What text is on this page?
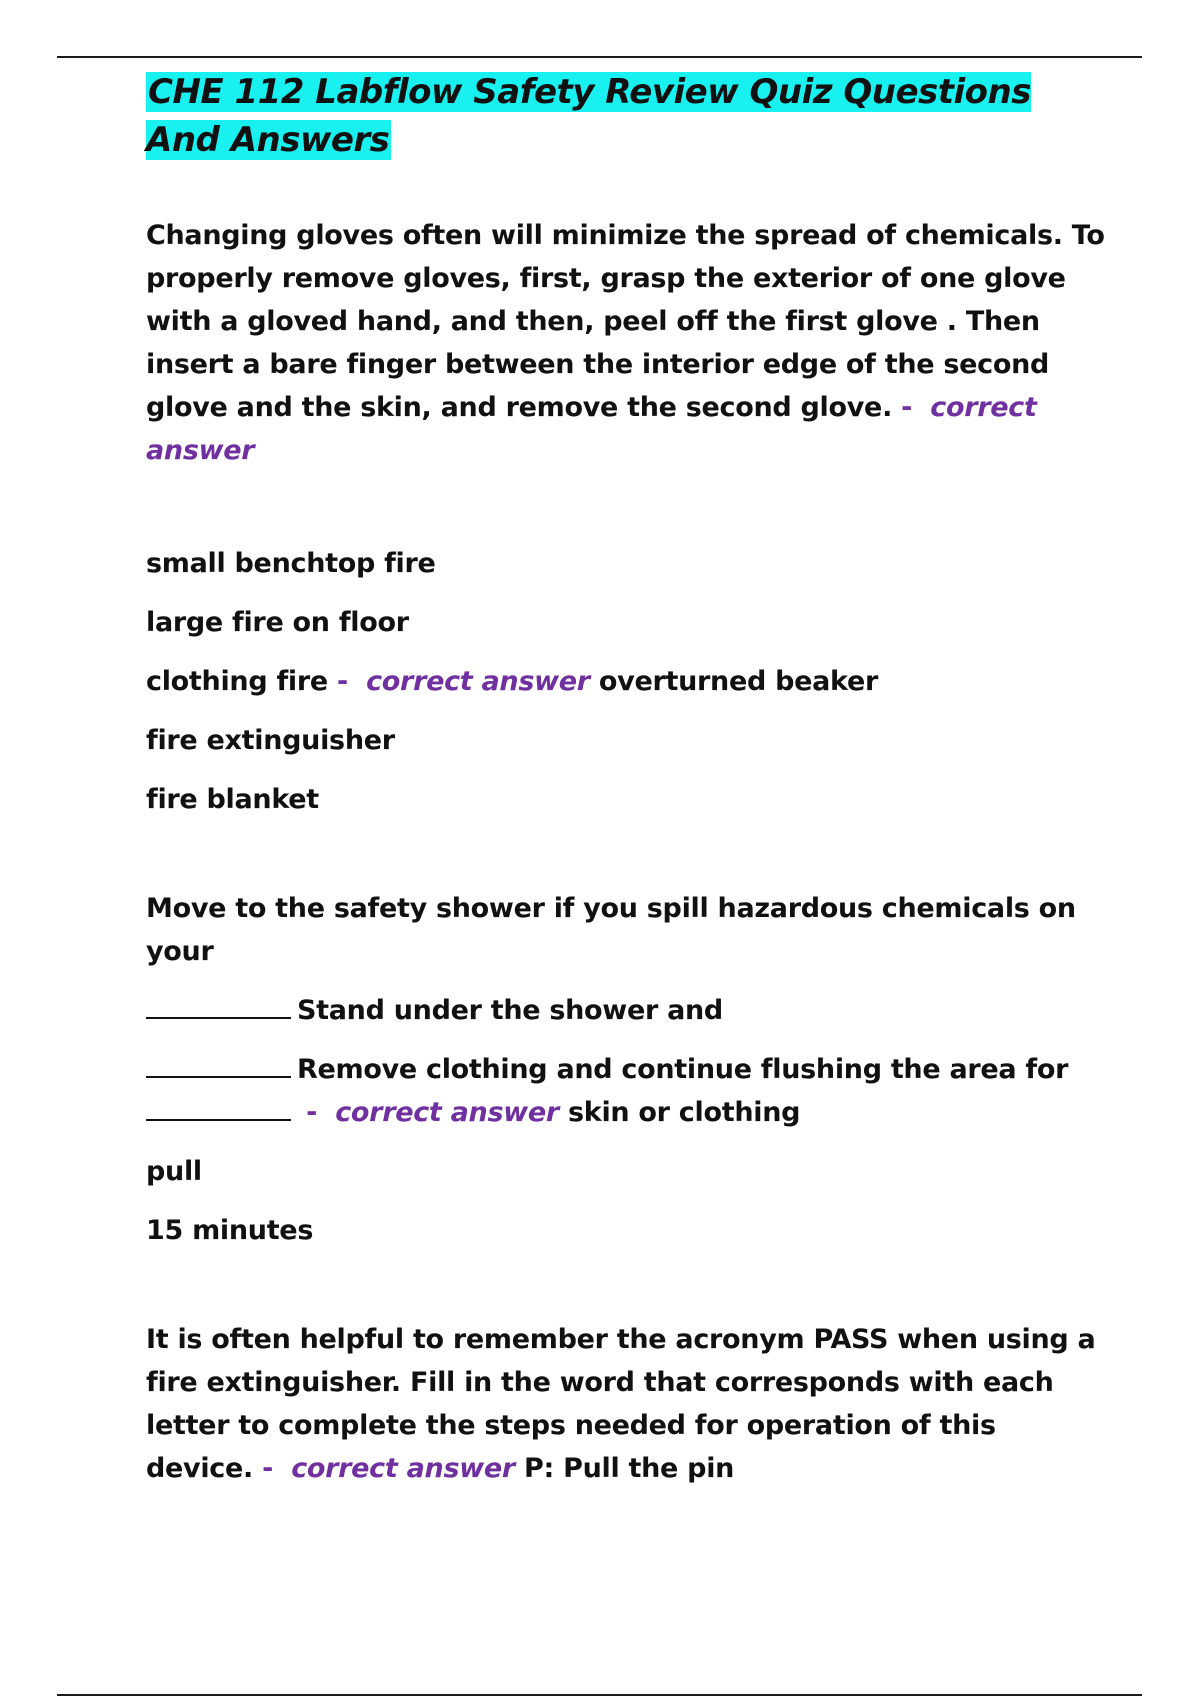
CHE 112 Labflow Safety Review Quiz Questions And Answers

Changing gloves often will minimize the spread of chemicals. To properly remove gloves, first, grasp the exterior of one glove with a gloved hand, and then, peel off the first glove . Then insert a bare finger between the interior edge of the second glove and the skin, and remove the second glove. - correct answer

small benchtop fire

large fire on floor

clothing fire - correct answer overturned beaker

fire extinguisher

fire blanket

Move to the safety shower if you spill hazardous chemicals on your

Stand under the shower and

Remove clothing and continue flushing the area for

- correct answer skin or clothing

pull

15 minutes

It is often helpful to remember the acronym PASS when using a fire extinguisher. Fill in the word that corresponds with each letter to complete the steps needed for operation of this device. - correct answer P: Pull the pin
